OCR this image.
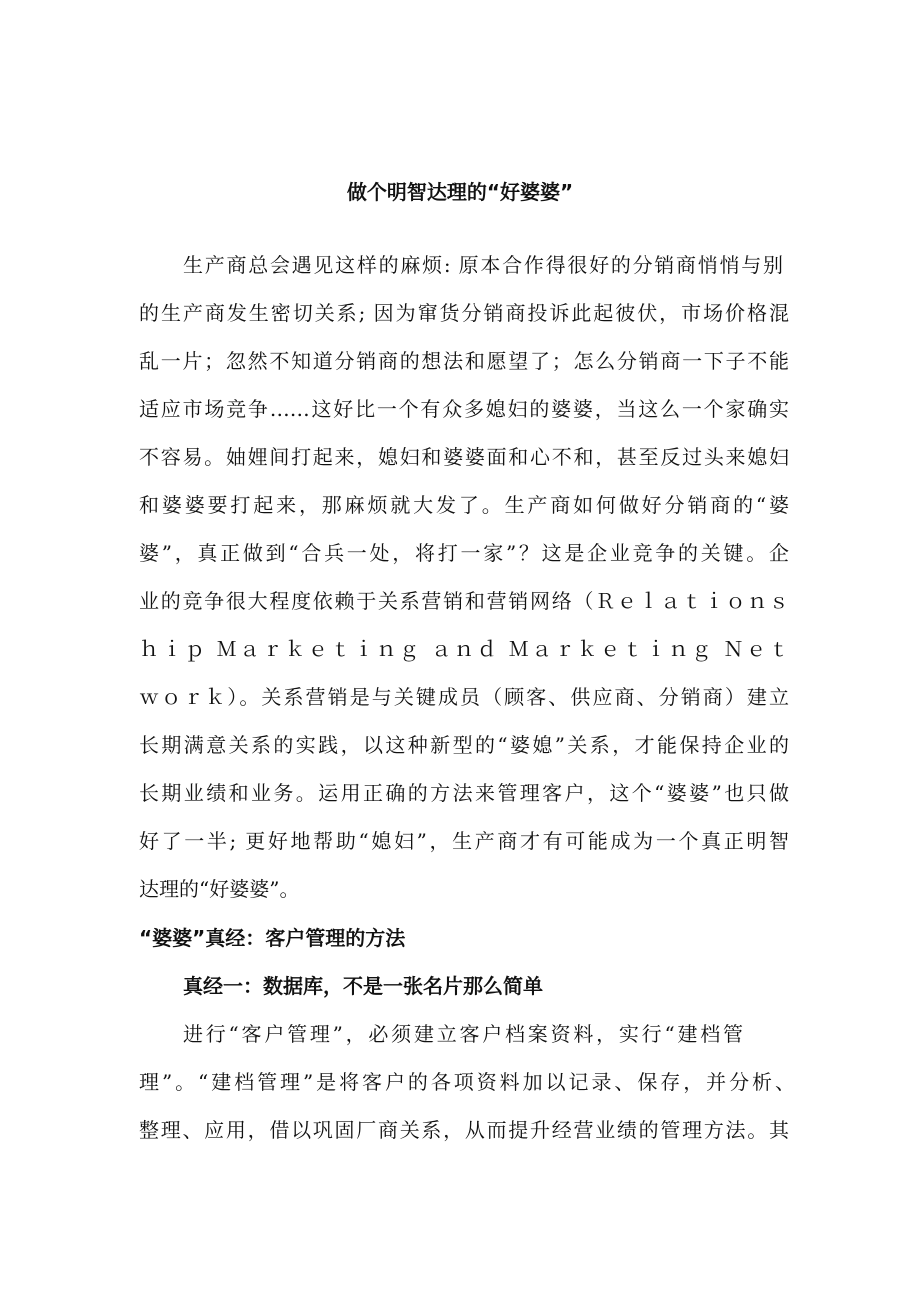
做个明智达理的“好婆婆”
生产商总会遇见这样的麻烦: 原本合作得很好的分销商悄悄与别
的生产商发生密切关系; 因为窜货分销商投诉此起彼伏，市场价格混
乱一片；忽然不知道分销商的想法和愿望了；怎么分销商一下子不能
适应市场竞争……这好比一个有众多媳妇的婆婆，当这么一个家确实
不容易。妯娌间打起来，媳妇和婆婆面和心不和，甚至反过头来媳妇
和婆婆要打起来，那麻烦就大发了。生产商如何做好分销商的“婆
婆”，真正做到“合兵一处，将打一家”？这是企业竞争的关键。企
业的竞争很大程度依赖于关系营销和营销网络（Ｒｅｌａｔｉｏｎｓ
ｈｉｐ Ｍａｒｋｅｔｉｎｇ ａｎｄ Ｍａｒｋｅｔｉｎｇ Ｎｅｔ
ｗｏｒｋ）。关系营销是与关键成员（顾客、供应商、分销商）建立
长期满意关系的实践，以这种新型的“婆媳”关系，才能保持企业的
长期业绩和业务。运用正确的方法来管理客户，这个“婆婆”也只做
好了一半; 更好地帮助“媳妇”，生产商才有可能成为一个真正明智
达理的“好婆婆”。
“婆婆”真经：客户管理的方法
真经一：数据库，不是一张名片那么简单
进行“客户管理”，必须建立客户档案资料，实行“建档管
理”。“建档管理”是将客户的各项资料加以记录、保存，并分析、
整理、应用，借以巩固厂商关系，从而提升经营业绩的管理方法。其
